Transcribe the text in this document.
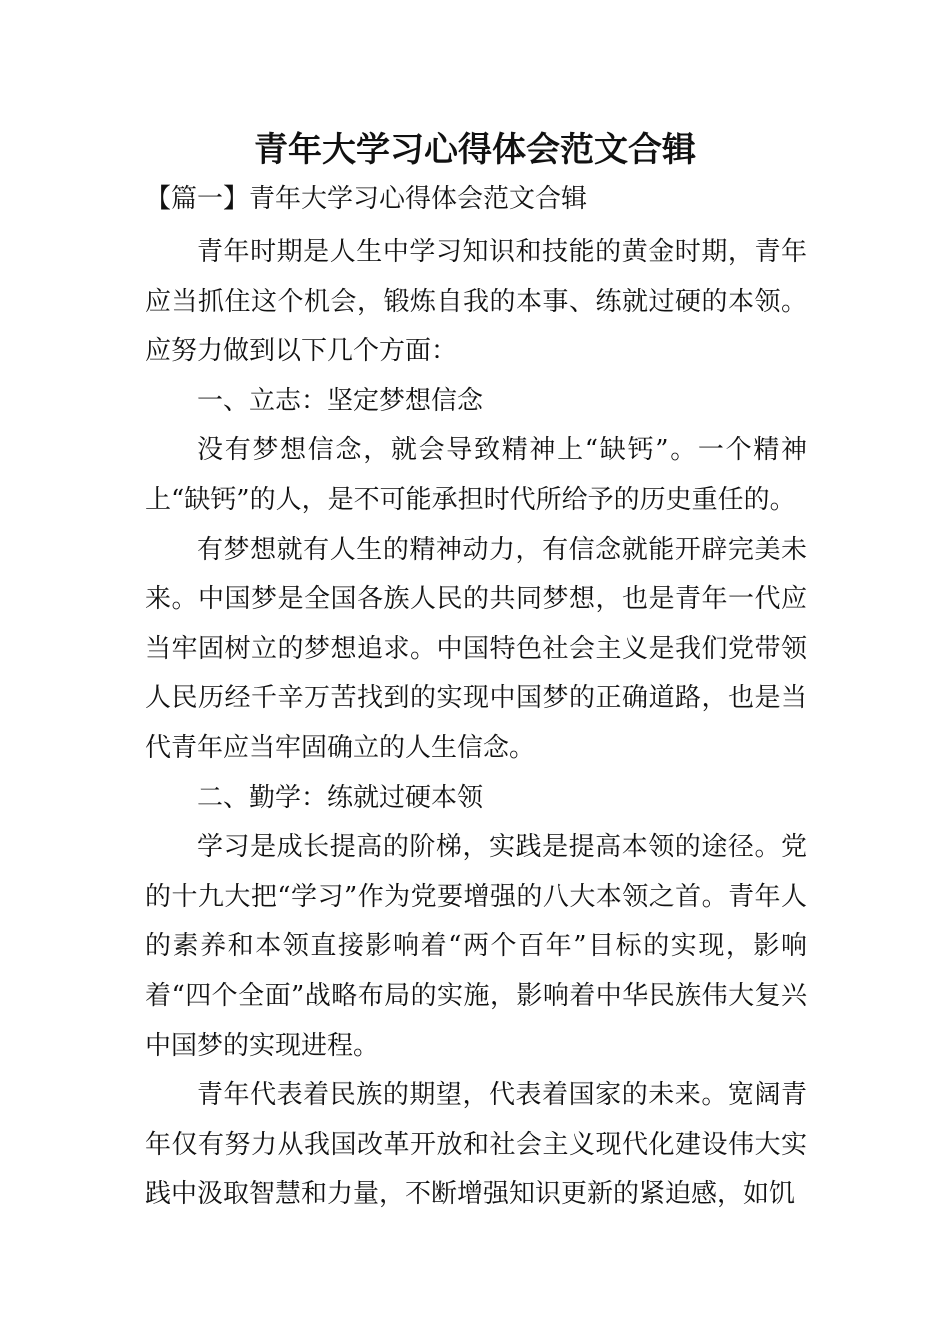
青年大学习心得体会范文合辑

【篇一】青年大学习心得体会范文合辑

青年时期是人生中学习知识和技能的黄金时期，青年应当抓住这个机会，锻炼自我的本事、练就过硬的本领。应努力做到以下几个方面：

一、立志：坚定梦想信念

没有梦想信念，就会导致精神上“缺钙”。一个精神上“缺钙”的人，是不可能承担时代所给予的历史重任的。

有梦想就有人生的精神动力，有信念就能开辟完美未来。中国梦是全国各族人民的共同梦想，也是青年一代应当牢固树立的梦想追求。中国特色社会主义是我们党带领人民历经千辛万苦找到的实现中国梦的正确道路，也是当代青年应当牢固确立的人生信念。

二、勤学：练就过硬本领

学习是成长提高的阶梯，实践是提高本领的途径。党的十九大把“学习”作为党要增强的八大本领之首。青年人的素养和本领直接影响着“两个百年”目标的实现，影响着“四个全面”战略布局的实施，影响着中华民族伟大复兴中国梦的实现进程。

青年代表着民族的期望，代表着国家的未来。宽阔青年仅有努力从我国改革开放和社会主义现代化建设伟大实践中汲取智慧和力量，不断增强知识更新的紧迫感，如饥
